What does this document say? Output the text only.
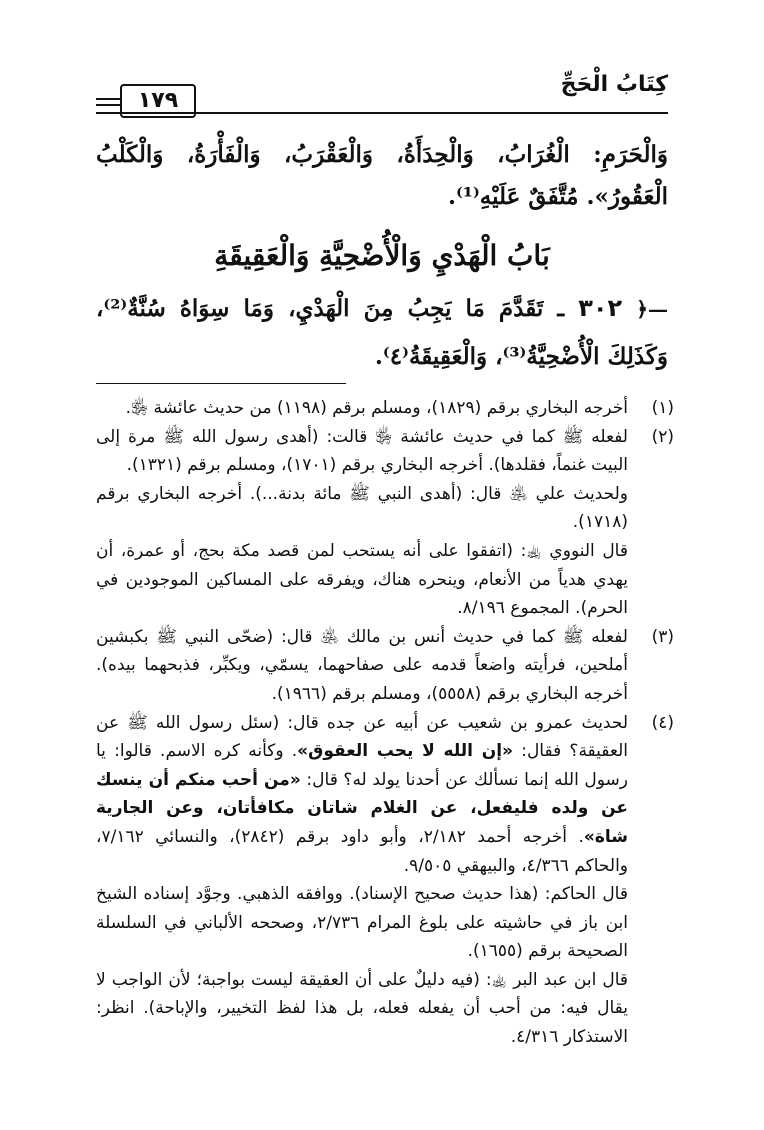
كِتَابُ الْحَجِّ
١٧٩

وَالْحَرَمِ: الْغُرَابُ، وَالْحِدَأَةُ، وَالْعَقْرَبُ، وَالْفَأْرَةُ، وَالْكَلْبُ الْعَقُورُ». مُتَّفَقٌ عَلَيْهِ⁽¹⁾.

بَابُ الْهَدْيِ وَالْأُضْحِيَّةِ وَالْعَقِيقَةِ
—﴿ ٣٠٢ ـ تَقَدَّمَ مَا يَجِبُ مِنَ الْهَدْيِ، وَمَا سِوَاهُ سُنَّةٌ⁽²⁾، وَكَذَلِكَ الْأُضْحِيَّةُ⁽³⁾، وَالْعَقِيقَةُ⁽٤⁾.
(١)

أخرجه البخاري برقم (١٨٢٩)، ومسلم برقم (١١٩٨) من حديث عائشة ﵂.

(٢)

لفعله ﷺ كما في حديث عائشة ﵂ قالت: (أهدى رسول الله ﷺ مرة إلى البيت غنماً، فقلدها). أخرجه البخاري برقم (١٧٠١)، ومسلم برقم (١٣٢١).

ولحديث علي ﵁ قال: (أهدى النبي ﷺ مائة بدنة...). أخرجه البخاري برقم (١٧١٨).

قال النووي ﵀: (اتفقوا على أنه يستحب لمن قصد مكة بحج، أو عمرة، أن يهدي هدياً من الأنعام، وينحره هناك، ويفرقه على المساكين الموجودين في الحرم). المجموع ٨/١٩٦.

(٣)

لفعله ﷺ كما في حديث أنس بن مالك ﵁ قال: (ضحّى النبي ﷺ بكبشين أملحين، فرأيته واضعاً قدمه على صفاحهما، يسمّي، ويكبِّر، فذبحهما بيده). أخرجه البخاري برقم (٥٥٥٨)، ومسلم برقم (١٩٦٦).

(٤)

لحديث عمرو بن شعيب عن أبيه عن جده قال: (سئل رسول الله ﷺ عن العقيقة؟ فقال: «إن الله لا يحب العقوق». وكأنه كره الاسم. قالوا: يا رسول الله إنما نسألك عن أحدنا يولد له؟ قال: «من أحب منكم أن ينسك عن ولده فليفعل، عن الغلام شاتان مكافأتان، وعن الجارية شاة». أخرجه أحمد ٢/١٨٢، وأبو داود برقم (٢٨٤٢)، والنسائي ٧/١٦٢، والحاكم ٤/٣٦٦، والبيهقي ٩/٥٠٥.

قال الحاكم: (هذا حديث صحيح الإسناد). ووافقه الذهبي. وجوَّد إسناده الشيخ ابن باز في حاشيته على بلوغ المرام ٢/٧٣٦، وصححه الألباني في السلسلة الصحيحة برقم (١٦٥٥).

قال ابن عبد البر ﵀: (فيه دليلٌ على أن العقيقة ليست بواجبة؛ لأن الواجب لا يقال فيه: من أحب أن يفعله فعله، بل هذا لفظ التخيير، والإباحة). انظر: الاستذكار ٤/٣١٦.
